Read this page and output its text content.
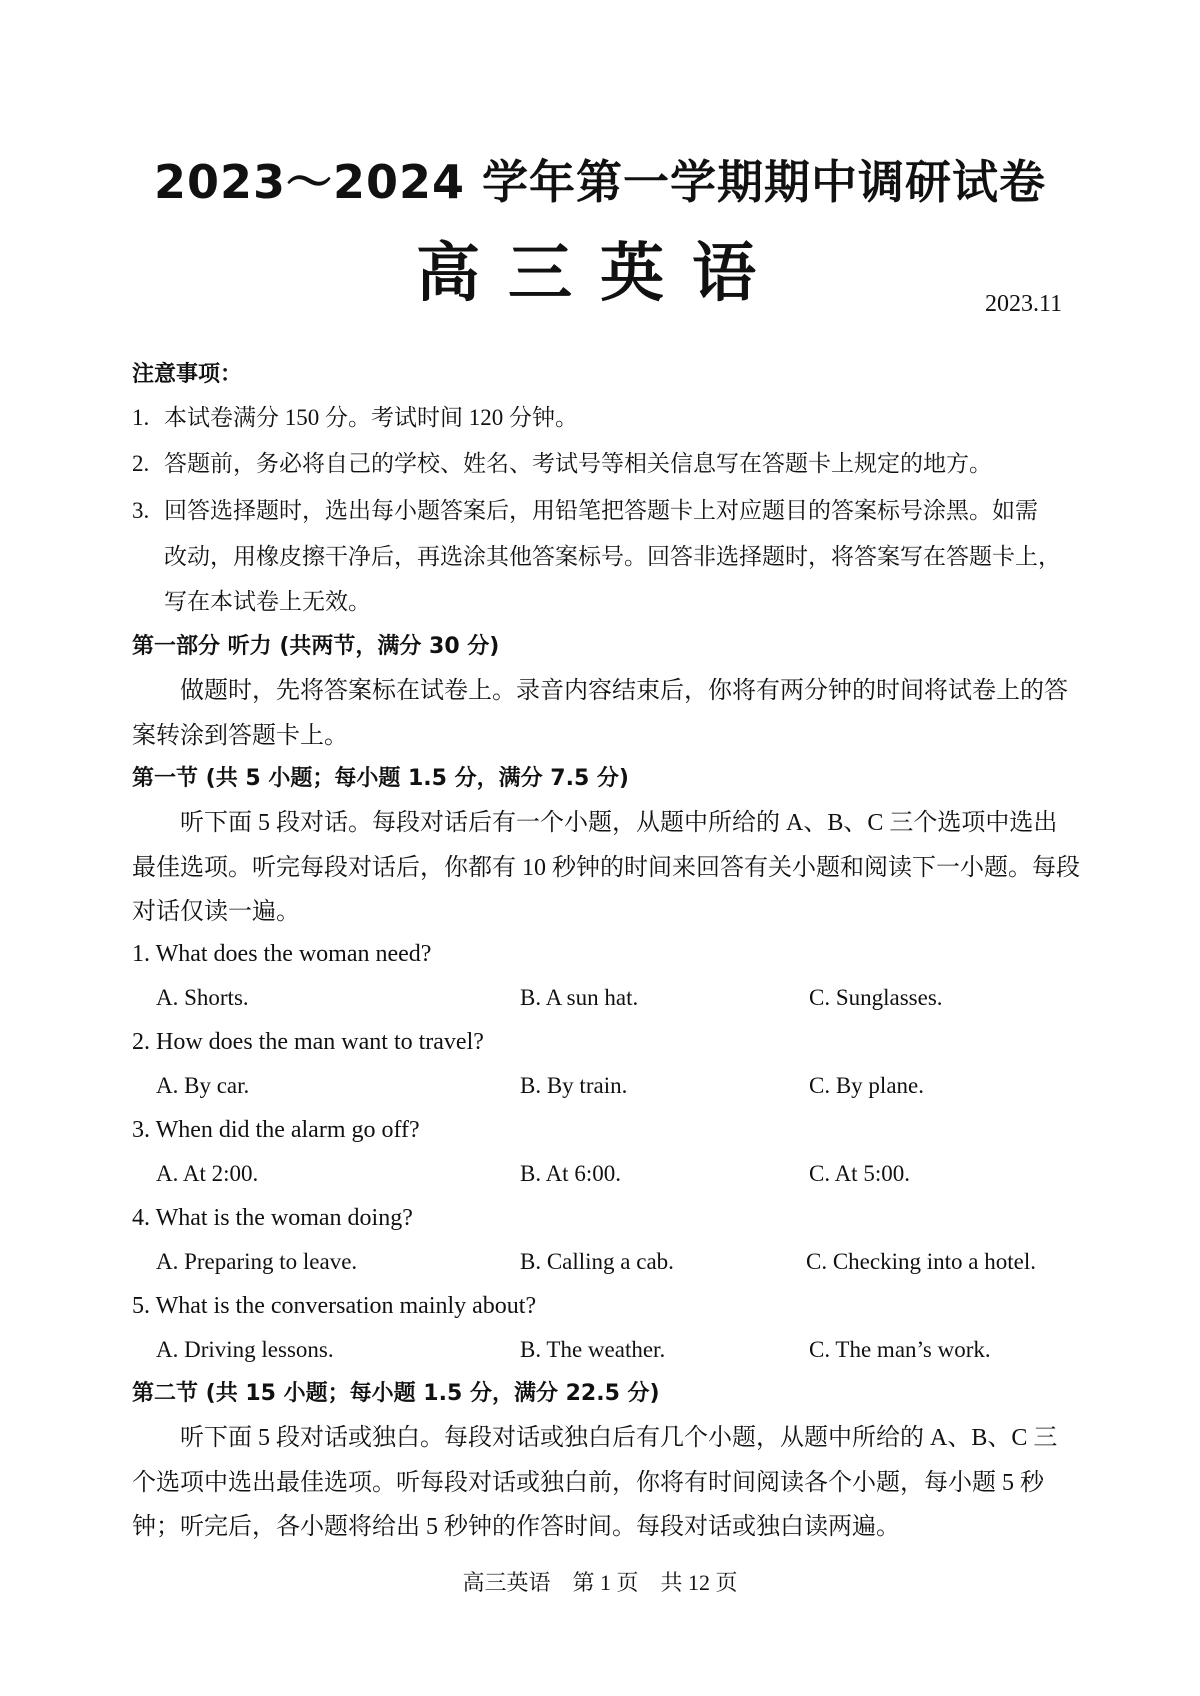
2023～2024 学年第一学期期中调研试卷
高三英语	2023.11
注意事项：
1. 本试卷满分 150 分。考试时间 120 分钟。
2. 答题前，务必将自己的学校、姓名、考试号等相关信息写在答题卡上规定的地方。
3. 回答选择题时，选出每小题答案后，用铅笔把答题卡上对应题目的答案标号涂黑。如需
改动，用橡皮擦干净后，再选涂其他答案标号。回答非选择题时，将答案写在答题卡上，
写在本试卷上无效。
第一部分 听力 (共两节，满分 30 分)
做题时，先将答案标在试卷上。录音内容结束后，你将有两分钟的时间将试卷上的答案转涂到答题卡上。
第一节 (共 5 小题；每小题 1.5 分，满分 7.5 分)
听下面 5 段对话。每段对话后有一个小题，从题中所给的 A、B、C 三个选项中选出最佳选项。听完每段对话后，你都有 10 秒钟的时间来回答有关小题和阅读下一小题。每段对话仅读一遍。
1. What does the woman need?
A. Shorts.	B. A sun hat.	C. Sunglasses.
2. How does the man want to travel?
A. By car.	B. By train.	C. By plane.
3. When did the alarm go off?
A. At 2:00.	B. At 6:00.	C. At 5:00.
4. What is the woman doing?
A. Preparing to leave.	B. Calling a cab.	C. Checking into a hotel.
5. What is the conversation mainly about?
A. Driving lessons.	B. The weather.	C. The man’s work.
第二节 (共 15 小题；每小题 1.5 分，满分 22.5 分)
听下面 5 段对话或独白。每段对话或独白后有几个小题，从题中所给的 A、B、C 三个选项中选出最佳选项。听每段对话或独白前，你将有时间阅读各个小题，每小题 5 秒钟；听完后，各小题将给出 5 秒钟的作答时间。每段对话或独白读两遍。
高三英语　第 1 页　共 12 页
